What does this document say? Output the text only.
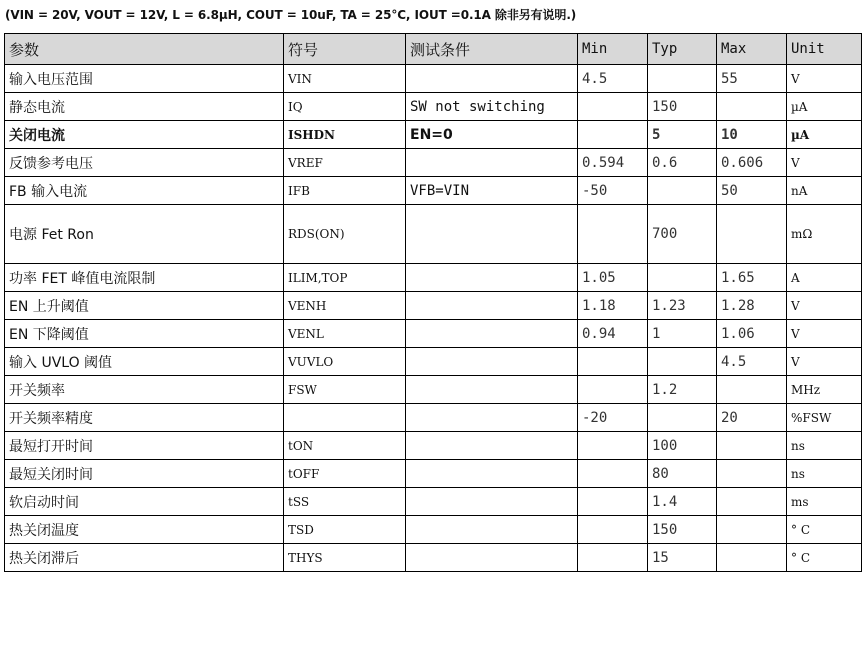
(VIN = 20V, VOUT = 12V, L = 6.8µH, COUT = 10uF, TA = 25°C, IOUT =0.1A 除非另有说明.)
参数	符号	测试条件	Min	Typ	Max	Unit
输入电压范围	VIN		4.5		55	V
静态电流	IQ	SW not switching		150		µA
关闭电流	ISHDN	EN=0		5	10	µA
反馈参考电压	VREF		0.594	0.6	0.606	V
FB 输入电流	IFB	VFB=VIN	-50		50	nA
电源 Fet Ron	RDS(ON)			700		mΩ
功率 FET 峰值电流限制	ILIM,TOP		1.05		1.65	A
EN 上升阈值	VENH		1.18	1.23	1.28	V
EN 下降阈值	VENL		0.94	1	1.06	V
输入 UVLO 阈值	VUVLO				4.5	V
开关频率	FSW			1.2		MHz
开关频率精度			-20		20	%FSW
最短打开时间	tON			100		ns
最短关闭时间	tOFF			80		ns
软启动时间	tSS			1.4		ms
热关闭温度	TSD			150		° C
热关闭滞后	THYS			15		° C
